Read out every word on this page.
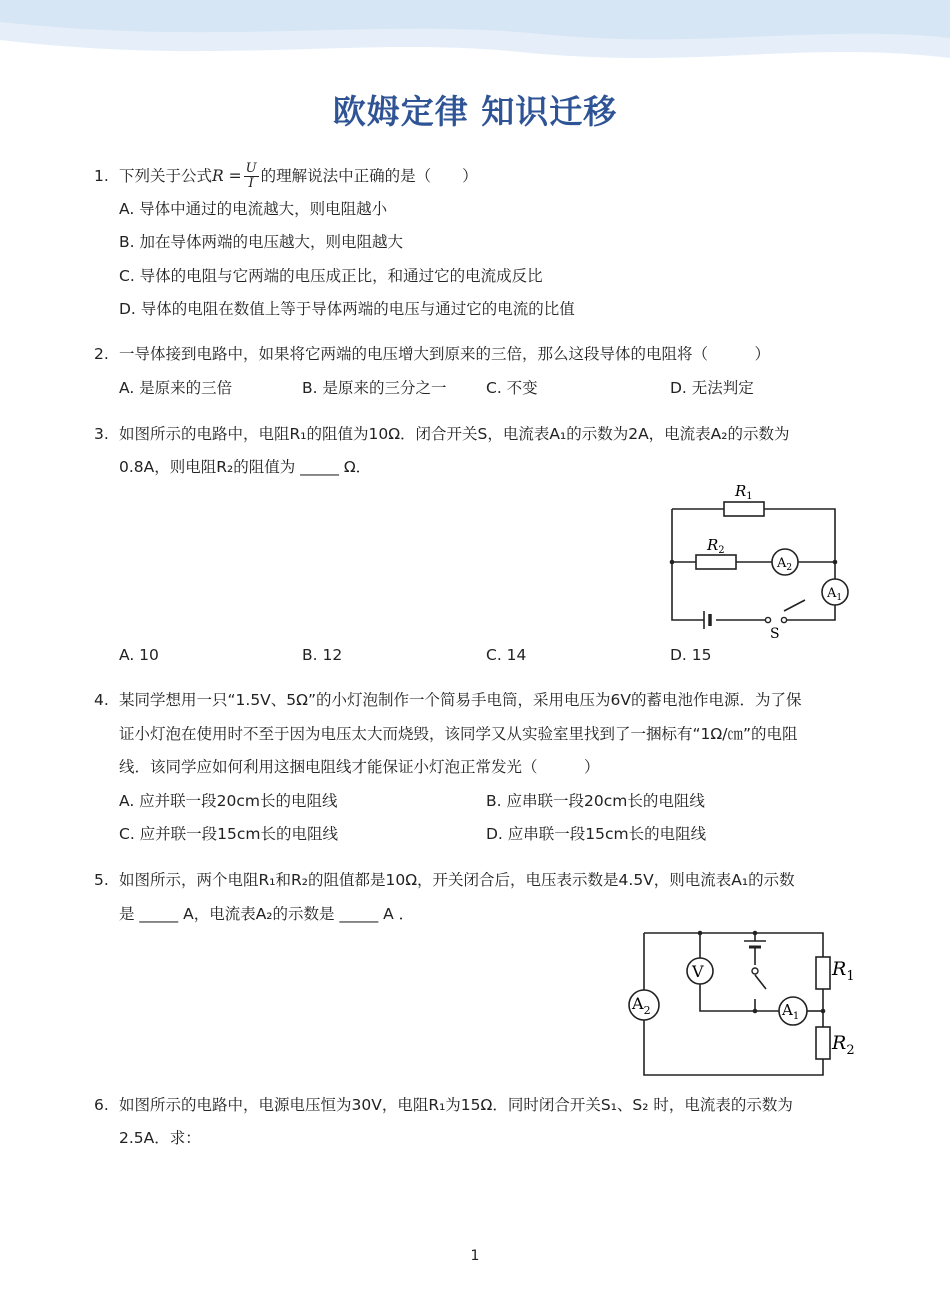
欧姆定律 知识迁移
1. 下列关于公式$R = \frac{U}{I}$ 的理解说法中正确的是（　　）
A. 导体中通过的电流越大，则电阻越小
B. 加在导体两端的电压越大，则电阻越大
C. 导体的电阻与它两端的电压成正比，和通过它的电流成反比
D. 导体的电阻在数值上等于导体两端的电压与通过它的电流的比值
2. 一导体接到电路中，如果将它两端的电压增大到原来的三倍，那么这段导体的电阻将（　　　）
A. 是原来的三倍	B. 是原来的三分之一	C. 不变	D. 无法判定
3. 如图所示的电路中，电阻R₁的阻值为10Ω．闭合开关S，电流表A₁的示数为2A，电流表A₂的示数为
0.8A，则电阻R₂的阻值为 _____ Ω．
$R_1$
$R_2$
$A_2$
$A_1$
S
A. 10	B. 12	C. 14	D. 15
4. 某同学想用一只“1.5V、5Ω”的小灯泡制作一个简易手电筒，采用电压为6V的蓄电池作电源．为了保
证小灯泡在使用时不至于因为电压太大而烧毁，该同学又从实验室里找到了一捆标有“1Ω/㎝”的电阻
线．该同学应如何利用这捆电阻线才能保证小灯泡正常发光（　　　）
A. 应并联一段20cm长的电阻线	B. 应串联一段20cm长的电阻线
C. 应并联一段15cm长的电阻线	D. 应串联一段15cm长的电阻线
5. 如图所示，两个电阻R₁和R₂的阻值都是10Ω，开关闭合后，电压表示数是4.5V，则电流表A₁的示数
是 _____ A，电流表A₂的示数是 _____ A ．
V
$A_2$	$A_1$
$R_1$
$R_2$
6. 如图所示的电路中，电源电压恒为30V，电阻R₁为15Ω．同时闭合开关S₁、S₂ 时，电流表的示数为
2.5A．求：
1
